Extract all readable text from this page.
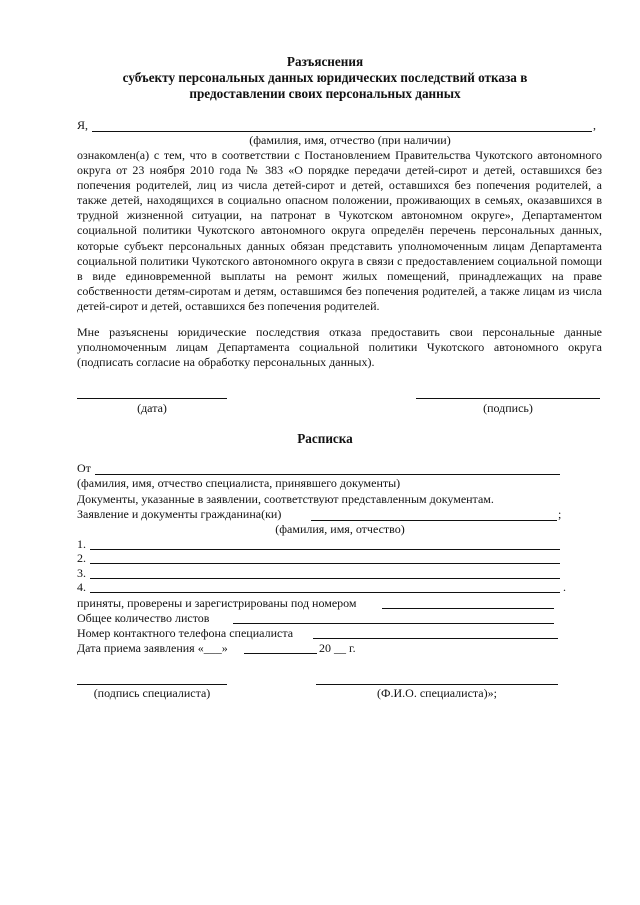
Разъяснения
субъекту персональных данных юридических последствий отказа в
предоставлении своих персональных данных
Я,	,
(фамилия, имя, отчество (при наличии)

ознакомлен(а) с тем, что в соответствии с Постановлением Правительства Чукотского автономного округа от 23 ноября 2010 года № 383 «О порядке передачи детей-сирот и детей, оставшихся без попечения родителей, лиц из числа детей-сирот и детей, оставшихся без попечения родителей, а также детей, находящихся в социально опасном положении, проживающих в семьях, оказавшихся в трудной жизненной ситуации, на патронат в Чукотском автономном округе», Департаментом социальной политики Чукотского автономного округа определён перечень персональных данных, которые субъект персональных данных обязан представить уполномоченным лицам Департамента социальной политики Чукотского автономного округа в связи с предоставлением социальной помощи в виде единовременной выплаты на ремонт жилых помещений, принадлежащих на праве собственности детям-сиротам и детям, оставшимся без попечения родителей, а также лицам из числа детей-сирот и детей, оставшихся без попечения родителей.

Мне разъяснены юридические последствия отказа предоставить свои персональные данные уполномоченным лицам Департамента социальной политики Чукотского автономного округа (подписать согласие на обработку персональных данных).

(дата)	(подпись)
Расписка
От
(фамилия, имя, отчество специалиста, принявшего документы)
Документы, указанные в заявлении, соответствуют представленным документам.
Заявление и документы гражданина(ки)	;
(фамилия, имя, отчество)
1.
2.
3.
4.	.
приняты, проверены и зарегистрированы под номером
Общее количество листов
Номер контактного телефона специалиста
Дата приема заявления «___»	20 __ г.
(подпись специалиста)	(Ф.И.О. специалиста)»;
